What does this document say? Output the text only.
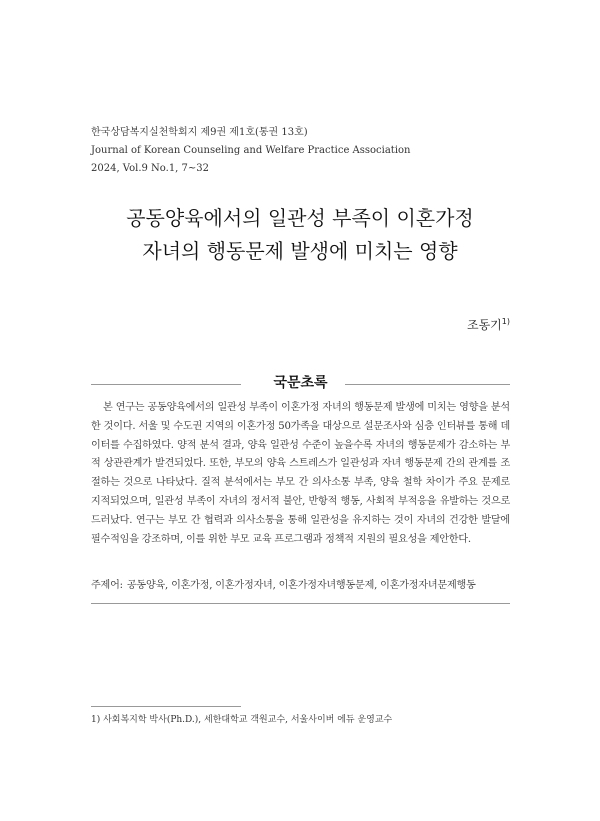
한국상담복지실천학회지 제9권 제1호(통권 13호)
Journal of Korean Counseling and Welfare Practice Association
2024, Vol.9 No.1, 7~32
공동양육에서의 일관성 부족이 이혼가정
자녀의 행동문제 발생에 미치는 영향
조동기$^{1)}$
국문초록

본 연구는 공동양육에서의 일관성 부족이 이혼가정 자녀의 행동문제 발생에 미치는 영향을 분석한 것이다. 서울 및 수도권 지역의 이혼가정 50가족을 대상으로 설문조사와 심층 인터뷰를 통해 데이터를 수집하였다. 양적 분석 결과, 양육 일관성 수준이 높을수록 자녀의 행동문제가 감소하는 부적 상관관계가 발견되었다. 또한, 부모의 양육 스트레스가 일관성과 자녀 행동문제 간의 관계를 조절하는 것으로 나타났다. 질적 분석에서는 부모 간 의사소통 부족, 양육 철학 차이가 주요 문제로 지적되었으며, 일관성 부족이 자녀의 정서적 불안, 반항적 행동, 사회적 부적응을 유발하는 것으로 드러났다. 연구는 부모 간 협력과 의사소통을 통해 일관성을 유지하는 것이 자녀의 건강한 발달에 필수적임을 강조하며, 이를 위한 부모 교육 프로그램과 정책적 지원의 필요성을 제안한다.

주제어: 공동양육, 이혼가정, 이혼가정자녀, 이혼가정자녀행동문제, 이혼가정자녀문제행동
1) 사회복지학 박사(Ph.D.), 세한대학교 객원교수, 서울사이버 에듀 운영교수
